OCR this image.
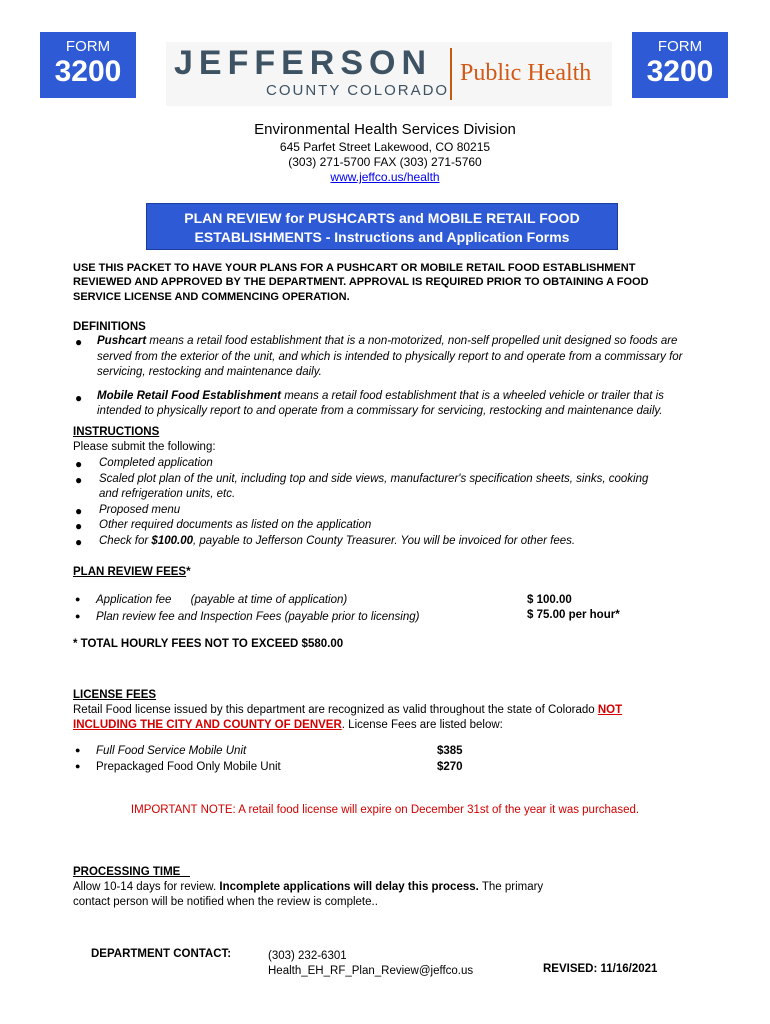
FORM
3200
FORM
3200
JEFFERSON
COUNTY COLORADO
Public Health
Environmental Health Services Division
645 Parfet Street Lakewood, CO 80215
(303) 271-5700 FAX (303) 271-5760
www.jeffco.us/health
PLAN REVIEW for PUSHCARTS and MOBILE RETAIL FOOD
ESTABLISHMENTS - Instructions and Application Forms
USE THIS PACKET TO HAVE YOUR PLANS FOR A PUSHCART OR MOBILE RETAIL FOOD ESTABLISHMENT
REVIEWED AND APPROVED BY THE DEPARTMENT. APPROVAL IS REQUIRED PRIOR TO OBTAINING A FOOD
SERVICE LICENSE AND COMMENCING OPERATION.
DEFINITIONS
● Pushcart means a retail food establishment that is a non-motorized, non-self propelled unit designed so foods are
served from the exterior of the unit, and which is intended to physically report to and operate from a commissary for
servicing, restocking and maintenance daily.
● Mobile Retail Food Establishment means a retail food establishment that is a wheeled vehicle or trailer that is
intended to physically report to and operate from a commissary for servicing, restocking and maintenance daily.
INSTRUCTIONS
Please submit the following:
● Completed application
● Scaled plot plan of the unit, including top and side views, manufacturer's specification sheets, sinks, cooking
and refrigeration units, etc.
● Proposed menu
● Other required documents as listed on the application
● Check for $100.00, payable to Jefferson County Treasurer. You will be invoiced for other fees.
PLAN REVIEW FEES*
● Application fee      (payable at time of application)	$ 100.00
● Plan review fee and Inspection Fees (payable prior to licensing)	$ 75.00 per hour*
* TOTAL HOURLY FEES NOT TO EXCEED $580.00
LICENSE FEES
Retail Food license issued by this department are recognized as valid throughout the state of Colorado NOT
INCLUDING THE CITY AND COUNTY OF DENVER. License Fees are listed below:
● Full Food Service Mobile Unit	$385
● Prepackaged Food Only Mobile Unit	$270
IMPORTANT NOTE: A retail food license will expire on December 31st of the year it was purchased.
PROCESSING TIME
Allow 10-14 days for review. Incomplete applications will delay this process. The primary
contact person will be notified when the review is complete..
DEPARTMENT CONTACT:	(303) 232-6301
Health_EH_RF_Plan_Review@jeffco.us	REVISED: 11/16/2021
